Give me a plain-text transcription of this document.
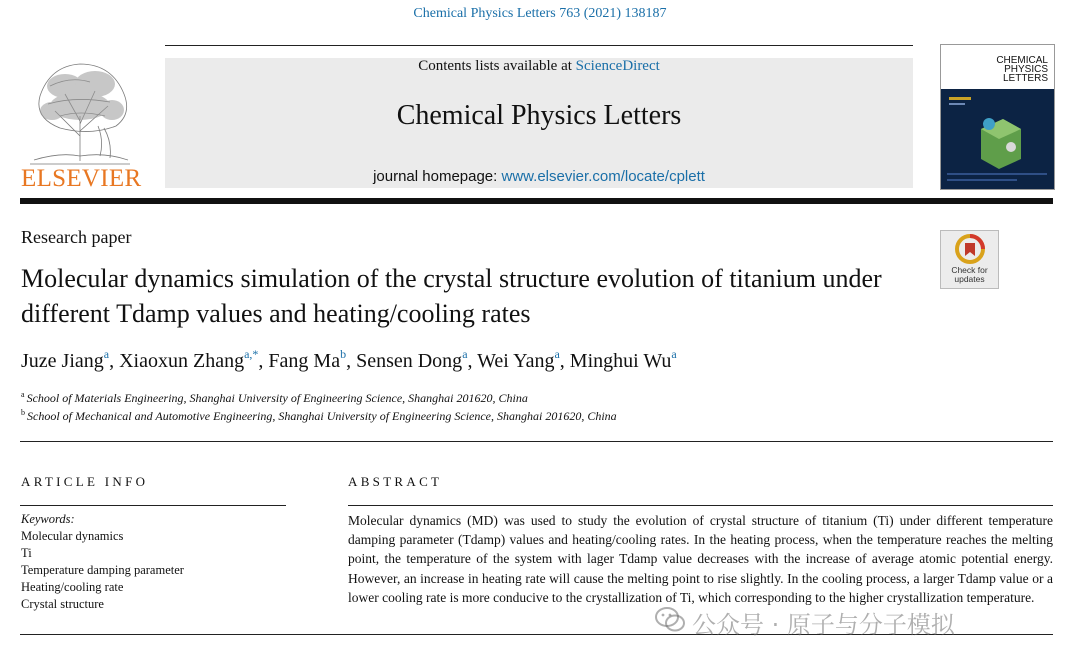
Chemical Physics Letters 763 (2021) 138187
ELSEVIER
Contents lists available at ScienceDirect
Chemical Physics Letters
journal homepage: www.elsevier.com/locate/cplett
CHEMICAL
PHYSICS
LETTERS
Research paper
Check for updates
Molecular dynamics simulation of the crystal structure evolution of titanium under different Tdamp values and heating/cooling rates
Juze Jiang$^a$, Xiaoxun Zhang$^{a,*}$, Fang Ma$^b$, Sensen Dong$^a$, Wei Yang$^a$, Minghui Wu$^a$
$^a$ School of Materials Engineering, Shanghai University of Engineering Science, Shanghai 201620, China
$^b$ School of Mechanical and Automotive Engineering, Shanghai University of Engineering Science, Shanghai 201620, China
ARTICLE INFO
Keywords:
Molecular dynamics
Ti
Temperature damping parameter
Heating/cooling rate
Crystal structure
ABSTRACT
Molecular dynamics (MD) was used to study the evolution of crystal structure of titanium (Ti) under different temperature damping parameter (Tdamp) values and heating/cooling rates. In the heating process, when the temperature reaches the melting point, the temperature of the system with lager Tdamp value decreases with the increase of average atomic potential energy. However, an increase in heating rate will cause the melting point to rise slightly. In the cooling process, a larger Tdamp value or a lower cooling rate is more conducive to the crystallization of Ti, which corresponding to the higher crystallization temperature.
公众号 · 原子与分子模拟
